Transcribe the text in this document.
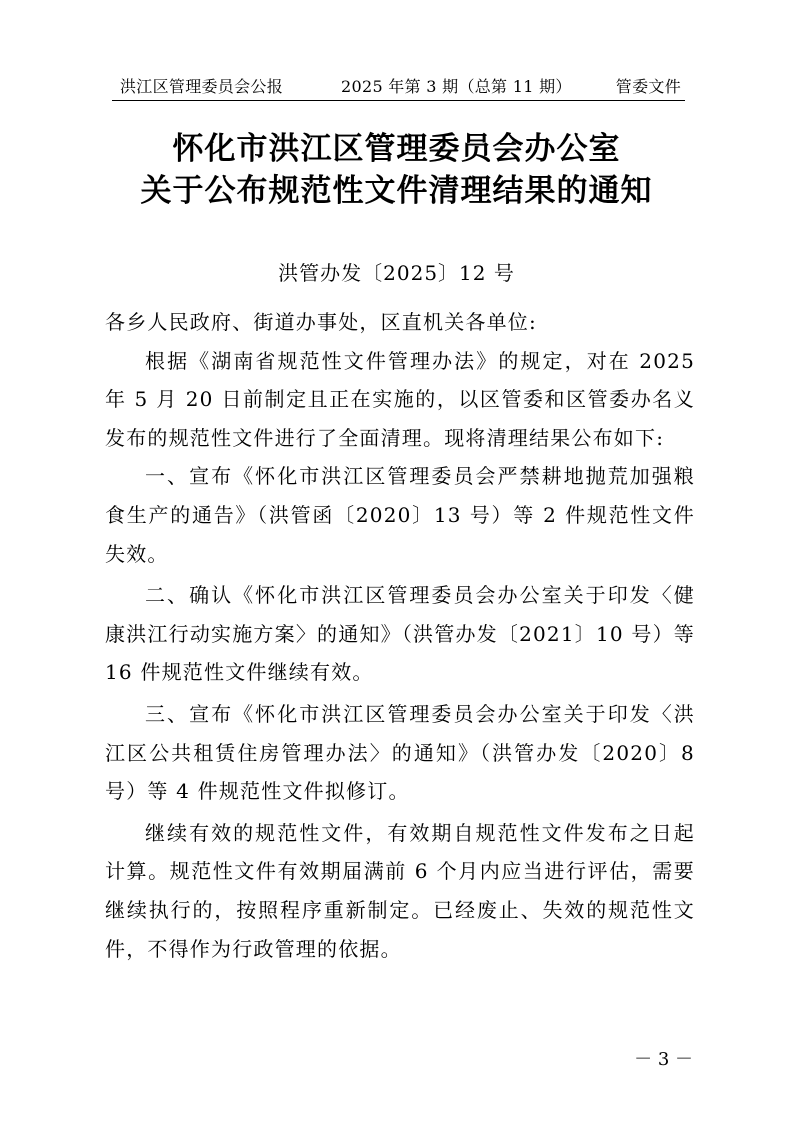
洪江区管理委员会公报	2025 年第 3 期（总第 11 期）	管委文件
怀化市洪江区管理委员会办公室
关于公布规范性文件清理结果的通知
洪管办发〔2025〕12 号

各乡人民政府、街道办事处，区直机关各单位:

根据《湖南省规范性文件管理办法》的规定，对在 2025 年 5 月 20 日前制定且正在实施的，以区管委和区管委办名义发布的规范性文件进行了全面清理。现将清理结果公布如下:

一、宣布《怀化市洪江区管理委员会严禁耕地抛荒加强粮食生产的通告》（洪管函〔2020〕13 号）等 2 件规范性文件失效。

二、确认《怀化市洪江区管理委员会办公室关于印发〈健康洪江行动实施方案〉的通知》（洪管办发〔2021〕10 号）等 16 件规范性文件继续有效。

三、宣布《怀化市洪江区管理委员会办公室关于印发〈洪江区公共租赁住房管理办法〉的通知》（洪管办发〔2020〕8 号）等 4 件规范性文件拟修订。

继续有效的规范性文件，有效期自规范性文件发布之日起计算。规范性文件有效期届满前 6 个月内应当进行评估，需要继续执行的，按照程序重新制定。已经废止、失效的规范性文件，不得作为行政管理的依据。

－ 3 －
